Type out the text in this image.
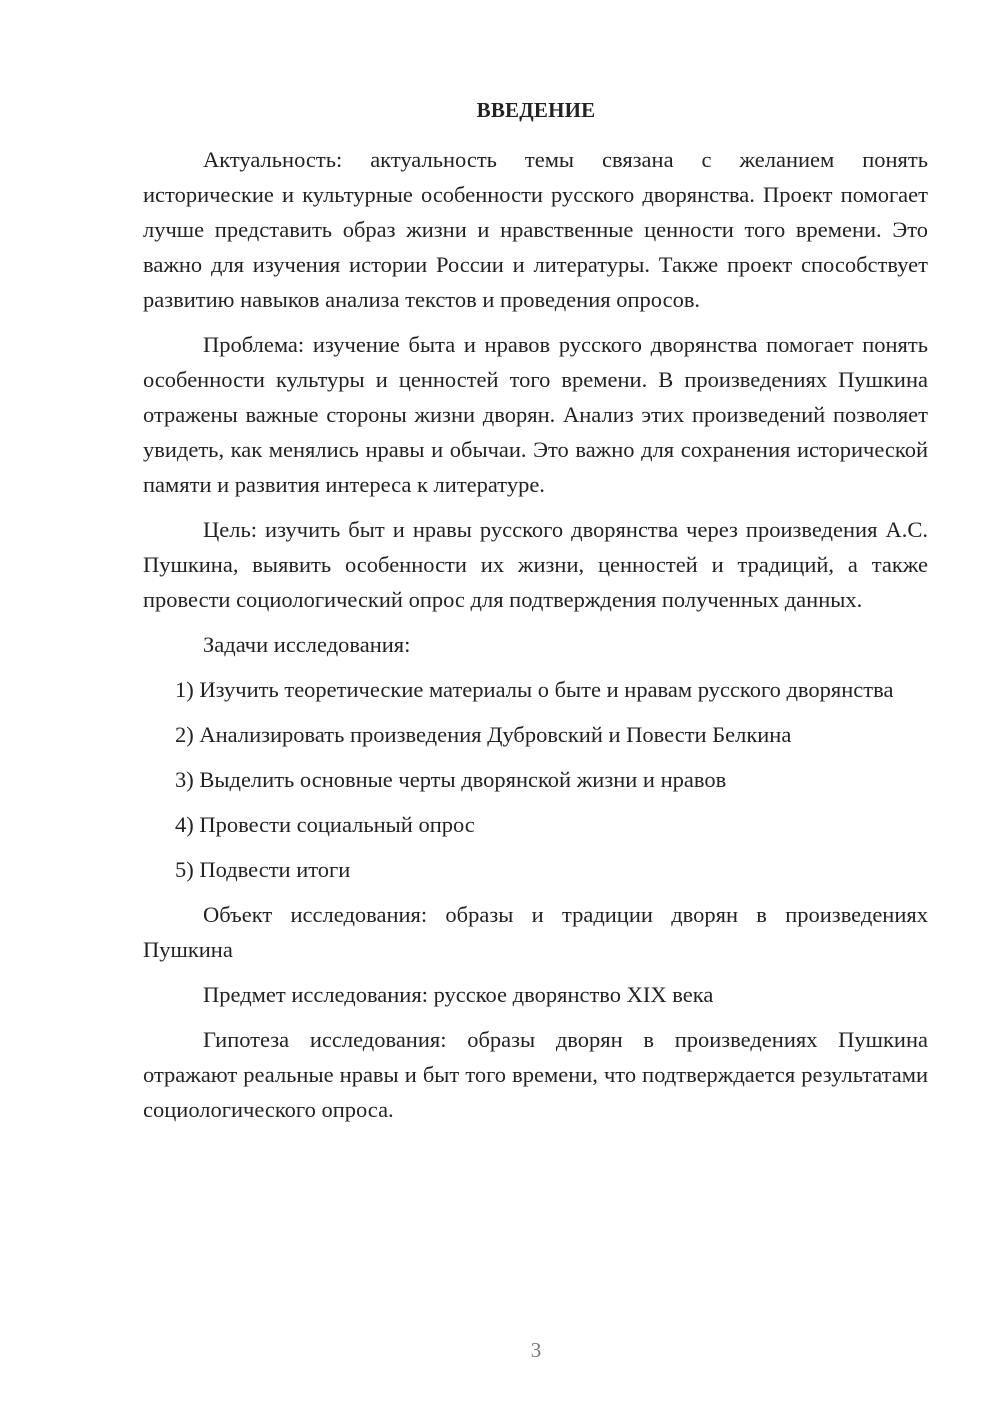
ВВЕДЕНИЕ

Актуальность: актуальность темы связана с желанием понять исторические и культурные особенности русского дворянства. Проект помогает лучше представить образ жизни и нравственные ценности того времени. Это важно для изучения истории России и литературы. Также проект способствует развитию навыков анализа текстов и проведения опросов.

Проблема: изучение быта и нравов русского дворянства помогает понять особенности культуры и ценностей того времени. В произведениях Пушкина отражены важные стороны жизни дворян. Анализ этих произведений позволяет увидеть, как менялись нравы и обычаи. Это важно для сохранения исторической памяти и развития интереса к литературе.

Цель: изучить быт и нравы русского дворянства через произведения А.С. Пушкина, выявить особенности их жизни, ценностей и традиций, а также провести социологический опрос для подтверждения полученных данных.

Задачи исследования:

1) Изучить теоретические материалы о быте и нравам русского дворянства

2) Анализировать произведения Дубровский и Повести Белкина

3) Выделить основные черты дворянской жизни и нравов

4) Провести социальный опрос

5) Подвести итоги

Объект исследования: образы и традиции дворян в произведениях Пушкина

Предмет исследования: русское дворянство XIX века

Гипотеза исследования: образы дворян в произведениях Пушкина отражают реальные нравы и быт того времени, что подтверждается результатами социологического опроса.

3
